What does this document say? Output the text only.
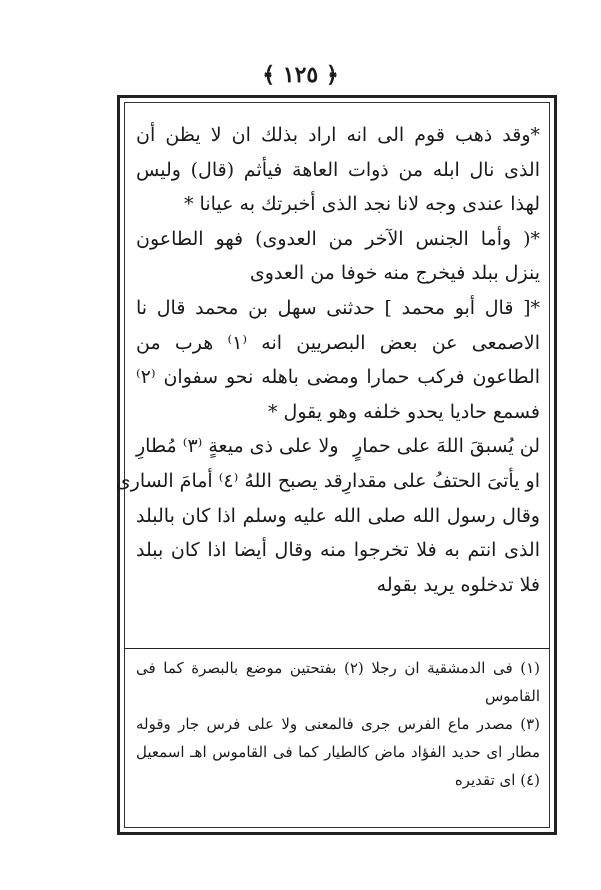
﴿ ١٢٥ ﴾

*وقد ذهب قوم الى انه اراد بذلك ان لا يظن أن الذى نال ابله من ذوات العاهة فيأثم (قال) وليس لهذا عندى وجه لانا نجد الذى أخبرتك به عيانا *

*( وأما الجنس الآخر من العدوى) فهو الطاعون ينزل ببلد فيخرج منه خوفا من العدوى

*[ قال أبو محمد ] حدثنى سهل بن محمد قال نا الاصمعى عن بعض البصريين انه ⁽١⁾ هرب من الطاعون فركب حمارا ومضى باهله نحو سفوان ⁽٢⁾ فسمع حاديا يحدو خلفه وهو يقول *

لن يُسبقَ اللهَ على حمارٍ
ولا على ذى ميعةٍ ⁽٣⁾ مُطارِ
او يأتىَ الحتفُ على مقدارِ
قد يصبح اللهُ ⁽٤⁾ أمامَ السارى

وقال رسول الله صلى الله عليه وسلم اذا كان بالبلد الذى انتم به فلا تخرجوا منه وقال أيضا اذا كان ببلد فلا تدخلوه يريد بقوله

(١) فى الدمشقية ان رجلا (٢) بفتحتين موضع بالبصرة كما فى القاموس

(٣) مصدر ماع الفرس جرى فالمعنى ولا على فرس جار وقوله مطار اى حديد الفؤاد ماض كالطيار كما فى القاموس اهـ اسمعيل (٤) اى تقديره
